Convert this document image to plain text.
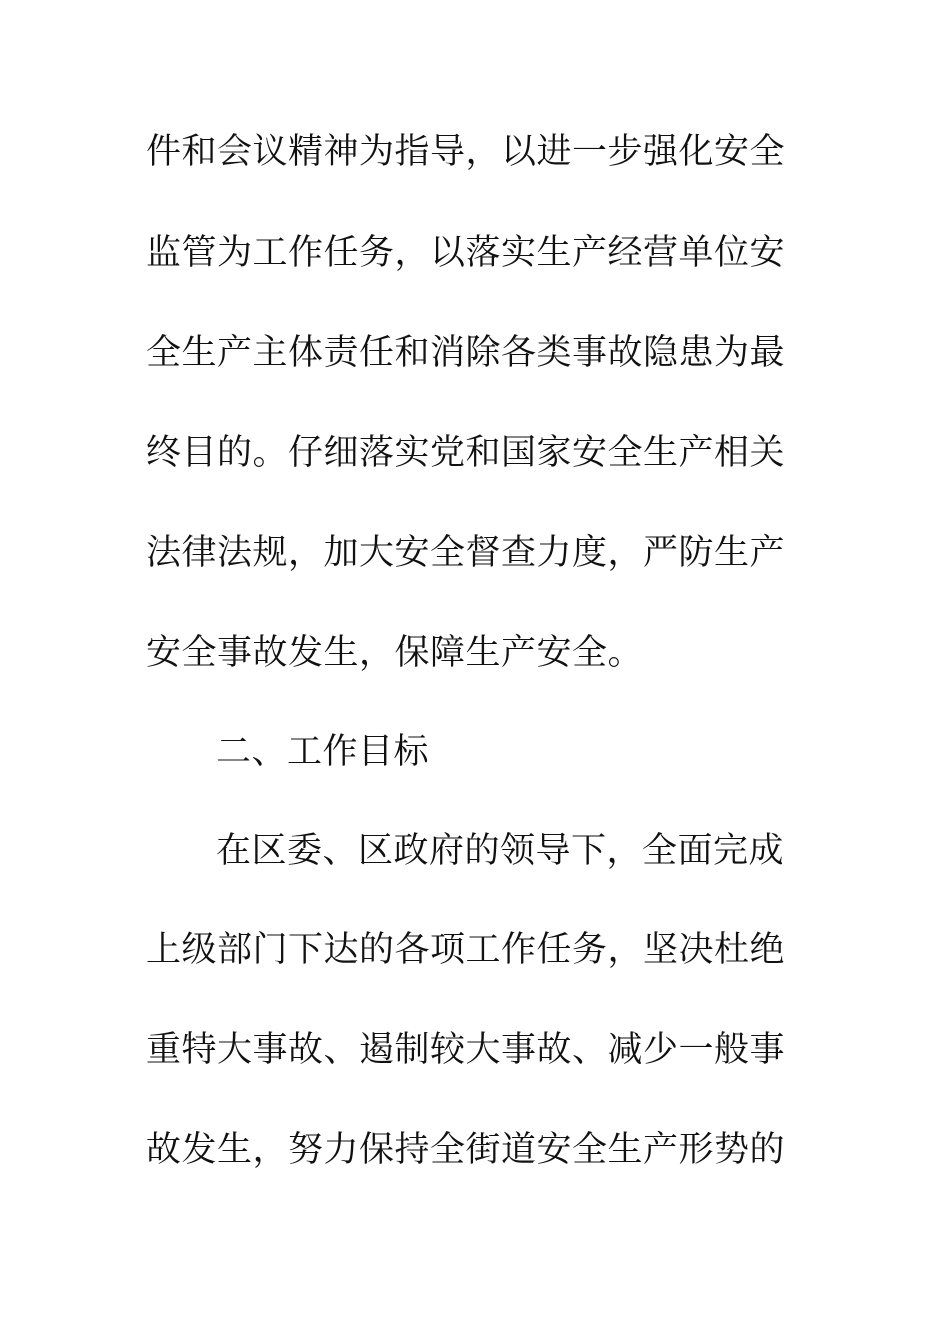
件和会议精神为指导，以进一步强化安全
监管为工作任务，以落实生产经营单位安
全生产主体责任和消除各类事故隐患为最
终目的。仔细落实党和国家安全生产相关
法律法规，加大安全督查力度，严防生产
安全事故发生，保障生产安全。
二、工作目标
在区委、区政府的领导下，全面完成
上级部门下达的各项工作任务，坚决杜绝
重特大事故、遏制较大事故、减少一般事
故发生，努力保持全街道安全生产形势的
